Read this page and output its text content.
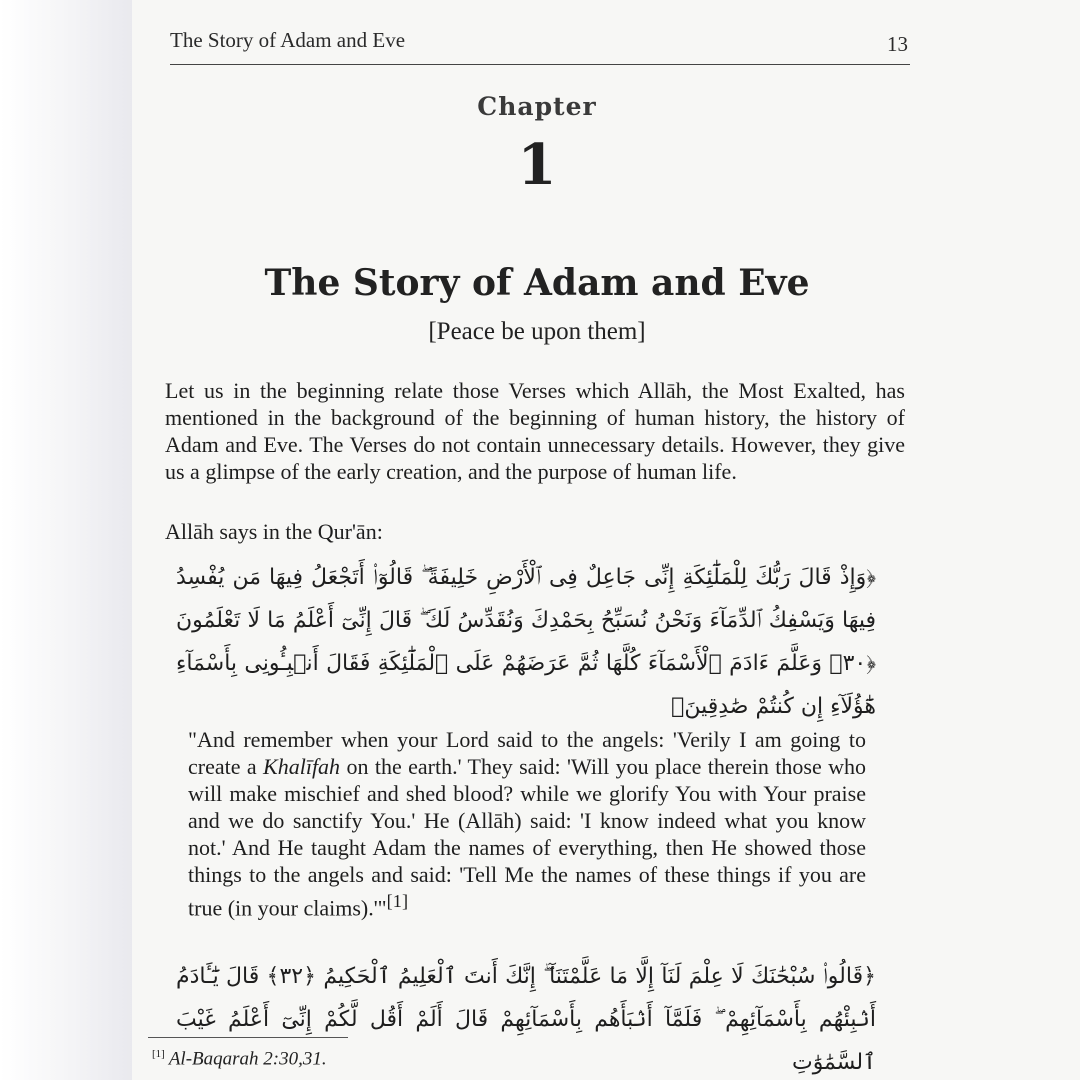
The Story of Adam and Eve	13
Chapter
1
The Story of Adam and Eve
[Peace be upon them]

Let us in the beginning relate those Verses which Allāh, the Most Exalted, has mentioned in the background of the beginning of human history, the history of Adam and Eve. The Verses do not contain unnecessary details. However, they give us a glimpse of the early creation, and the purpose of human life.

Allāh says in the Qur'ān:

﴿وَإِذْ قَالَ رَبُّكَ لِلْمَلَٰٓئِكَةِ إِنِّى جَاعِلٌ فِى ٱلْأَرْضِ خَلِيفَةً ۖ قَالُوٓا۟ أَتَجْعَلُ فِيهَا مَن يُفْسِدُ فِيهَا وَيَسْفِكُ ٱلدِّمَآءَ وَنَحْنُ نُسَبِّحُ بِحَمْدِكَ وَنُقَدِّسُ لَكَ ۖ قَالَ إِنِّىٓ أَعْلَمُ مَا لَا تَعْلَمُونَ ﴿٣٠﴾ وَعَلَّمَ ءَادَمَ ٱلْأَسْمَآءَ كُلَّهَا ثُمَّ عَرَضَهُمْ عَلَى ٱلْمَلَٰٓئِكَةِ فَقَالَ أَنۢبِـُٔونِى بِأَسْمَآءِ هَٰٓؤُلَآءِ إِن كُنتُمْ صَٰدِقِينَ﴾

"And remember when your Lord said to the angels: 'Verily I am going to create a Khalīfah on the earth.' They said: 'Will you place therein those who will make mischief and shed blood? while we glorify You with Your praise and we do sanctify You.' He (Allāh) said: 'I know indeed what you know not.' And He taught Adam the names of everything, then He showed those things to the angels and said: 'Tell Me the names of these things if you are true (in your claims).'"[1]

﴿قَالُوا۟ سُبْحَٰنَكَ لَا عِلْمَ لَنَآ إِلَّا مَا عَلَّمْتَنَآ ۖ إِنَّكَ أَنتَ ٱلْعَلِيمُ ٱلْحَكِيمُ ﴿٣٢﴾ قَالَ يَٰٓـَٔادَمُ أَنۢبِئْهُم بِأَسْمَآئِهِمْ ۖ فَلَمَّآ أَنۢبَأَهُم بِأَسْمَآئِهِمْ قَالَ أَلَمْ أَقُل لَّكُمْ إِنِّىٓ أَعْلَمُ غَيْبَ ٱلسَّمَٰوَٰتِ

[1] Al-Baqarah 2:30,31.
